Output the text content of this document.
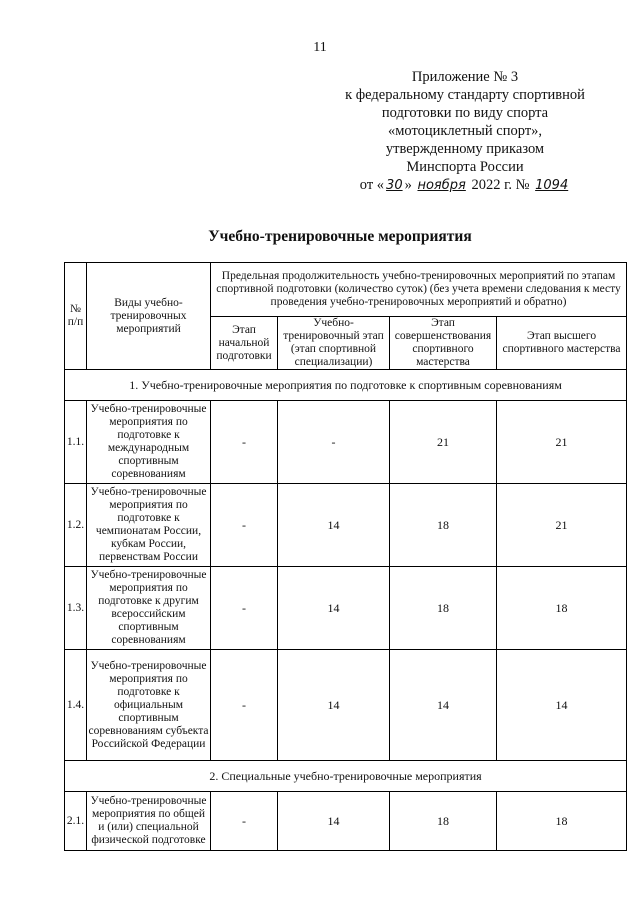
11
Приложение № 3
к федеральному стандарту спортивной
подготовки по виду спорта
«мотоциклетный спорт»,
утвержденному приказом
Минспорта России
от « 30 » ноября 2022 г. № 1094
Учебно-тренировочные мероприятия
№ п/п	Виды учебно-тренировочных мероприятий	Предельная продолжительность учебно-тренировочных мероприятий по этапам спортивной подготовки (количество суток) (без учета времени следования к месту проведения учебно-тренировочных мероприятий и обратно)			
		Этап начальной подготовки	Учебно-тренировочный этап (этап спортивной специализации)	Этап совершенствования спортивного мастерства	Этап высшего спортивного мастерства
1. Учебно-тренировочные мероприятия по подготовке к спортивным соревнованиям					
1.1.	Учебно-тренировочные мероприятия по подготовке к международным спортивным соревнованиям	-	-	21	21
1.2.	Учебно-тренировочные мероприятия по подготовке к чемпионатам России, кубкам России, первенствам России	-	14	18	21
1.3.	Учебно-тренировочные мероприятия по подготовке к другим всероссийским спортивным соревнованиям	-	14	18	18
1.4.	Учебно-тренировочные мероприятия по подготовке к официальным спортивным соревнованиям субъекта Российской Федерации	-	14	14	14
2. Специальные учебно-тренировочные мероприятия					
2.1.	Учебно-тренировочные мероприятия по общей и (или) специальной физической подготовке	-	14	18	18
